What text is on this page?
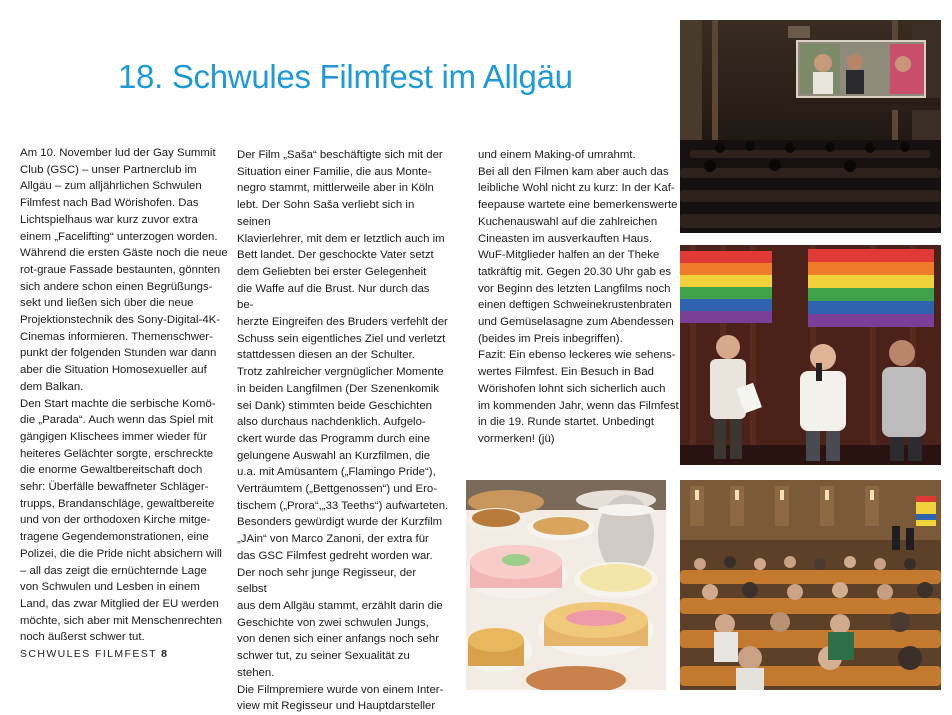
18. Schwules Filmfest im Allgäu

Am 10. November lud der Gay Summit

Club (GSC) – unser Partnerclub im

Allgäu – zum alljährlichen Schwulen

Filmfest nach Bad Wörishofen. Das

Lichtspielhaus war kurz zuvor extra

einem „Facelifting“ unterzogen worden.

Während die ersten Gäste noch die neue

rot-graue Fassade bestaunten, gönnten

sich andere schon einen Begrüßungs-

sekt und ließen sich über die neue

Projektionstechnik des Sony-Digital-4K-

Cinemas informieren. Themenschwer-

punkt der folgenden Stunden war dann

aber die Situation Homosexueller auf

dem Balkan.

Den Start machte die serbische Komö-

die „Parada“. Auch wenn das Spiel mit

gängigen Klischees immer wieder für

heiteres Gelächter sorgte, erschreckte

die enorme Gewaltbereitschaft doch

sehr: Überfälle bewaffneter Schläger-

trupps, Brandanschläge, gewaltbereite

und von der orthodoxen Kirche mitge-

tragene Gegendemonstrationen, eine

Polizei, die die Pride nicht absichern will

– all das zeigt die ernüchternde Lage

von Schwulen und Lesben in einem

Land, das zwar Mitglied der EU werden

möchte, sich aber mit Menschenrechten

noch äußerst schwer tut.

Der Film „Saša“ beschäftigte sich mit der

Situation einer Familie, die aus Monte-

negro stammt, mittlerweile aber in Köln

lebt. Der Sohn Saša verliebt sich in seinen

Klavierlehrer, mit dem er letztlich auch im

Bett landet. Der geschockte Vater setzt

dem Geliebten bei erster Gelegenheit

die Waffe auf die Brust. Nur durch das be-

herzte Eingreifen des Bruders verfehlt der

Schuss sein eigentliches Ziel und verletzt

stattdessen diesen an der Schulter.

Trotz zahlreicher vergnüglicher Momente

in beiden Langfilmen (Der Szenenkomik

sei Dank) stimmten beide Geschichten

also durchaus nachdenklich. Aufgelo-

ckert wurde das Programm durch eine

gelungene Auswahl an Kurzfilmen, die

u.a. mit Amüsantem („Flamingo Pride“),

Verträumtem („Bettgenossen“) und Ero-

tischem („Prora“,„33 Teeths“) aufwarteten.

Besonders gewürdigt wurde der Kurzfilm

„JAin“ von Marco Zanoni, der extra für

das GSC Filmfest gedreht worden war.

Der noch sehr junge Regisseur, der selbst

aus dem Allgäu stammt, erzählt darin die

Geschichte von zwei schwulen Jungs,

von denen sich einer anfangs noch sehr

schwer tut, zu seiner Sexualität zu stehen.

Die Filmpremiere wurde von einem Inter-

view mit Regisseur und Hauptdarsteller

und einem Making-of umrahmt.

Bei all den Filmen kam aber auch das

leibliche Wohl nicht zu kurz: In der Kaf-

feepause wartete eine bemerkenswerte

Kuchenauswahl auf die zahlreichen

Cineasten im ausverkauften Haus.

WuF-Mitglieder halfen an der Theke

tatkräftig mit. Gegen 20.30 Uhr gab es

vor Beginn des letzten Langfilms noch

einen deftigen Schweinekrustenbraten

und Gemüselasagne zum Abendessen

(beides im Preis inbegriffen).

Fazit: Ein ebenso leckeres wie sehens-

wertes Filmfest. Ein Besuch in Bad

Wörishofen lohnt sich sicherlich auch

im kommenden Jahr, wenn das Filmfest

in die 19. Runde startet. Unbedingt

vormerken! (jü)

SCHWULES FILMFEST 8
